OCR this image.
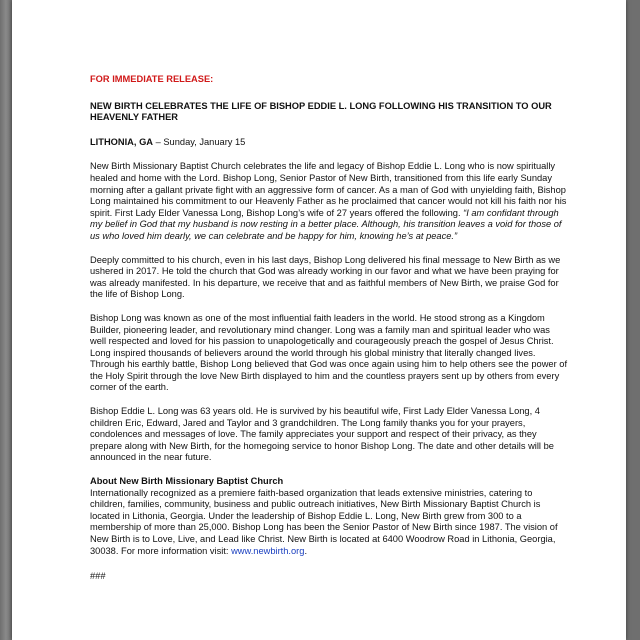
FOR IMMEDIATE RELEASE:
NEW BIRTH CELEBRATES THE LIFE OF BISHOP EDDIE L. LONG FOLLOWING HIS TRANSITION TO OUR HEAVENLY FATHER
LITHONIA, GA – Sunday, January 15

New Birth Missionary Baptist Church celebrates the life and legacy of Bishop Eddie L. Long who is now spiritually healed and home with the Lord. Bishop Long, Senior Pastor of New Birth, transitioned from this life early Sunday morning after a gallant private fight with an aggressive form of cancer. As a man of God with unyielding faith, Bishop Long maintained his commitment to our Heavenly Father as he proclaimed that cancer would not kill his faith nor his spirit. First Lady Elder Vanessa Long, Bishop Long’s wife of 27 years offered the following. “I am confidant through my belief in God that my husband is now resting in a better place. Although, his transition leaves a void for those of us who loved him dearly, we can celebrate and be happy for him, knowing he’s at peace.”

Deeply committed to his church, even in his last days, Bishop Long delivered his final message to New Birth as we ushered in 2017. He told the church that God was already working in our favor and what we have been praying for was already manifested. In his departure, we receive that and as faithful members of New Birth, we praise God for the life of Bishop Long.

Bishop Long was known as one of the most influential faith leaders in the world. He stood strong as a Kingdom Builder, pioneering leader, and revolutionary mind changer. Long was a family man and spiritual leader who was well respected and loved for his passion to unapologetically and courageously preach the gospel of Jesus Christ. Long inspired thousands of believers around the world through his global ministry that literally changed lives. Through his earthly battle, Bishop Long believed that God was once again using him to help others see the power of the Holy Spirit through the love New Birth displayed to him and the countless prayers sent up by others from every corner of the earth.

Bishop Eddie L. Long was 63 years old. He is survived by his beautiful wife, First Lady Elder Vanessa Long, 4 children Eric, Edward, Jared and Taylor and 3 grandchildren. The Long family thanks you for your prayers, condolences and messages of love. The family appreciates your support and respect of their privacy, as they prepare along with New Birth, for the homegoing service to honor Bishop Long. The date and other details will be announced in the near future.

About New Birth Missionary Baptist Church
Internationally recognized as a premiere faith-based organization that leads extensive ministries, catering to children, families, community, business and public outreach initiatives, New Birth Missionary Baptist Church is located in Lithonia, Georgia. Under the leadership of Bishop Eddie L. Long, New Birth grew from 300 to a membership of more than 25,000. Bishop Long has been the Senior Pastor of New Birth since 1987. The vision of New Birth is to Love, Live, and Lead like Christ. New Birth is located at 6400 Woodrow Road in Lithonia, Georgia, 30038. For more information visit: www.newbirth.org.
###
